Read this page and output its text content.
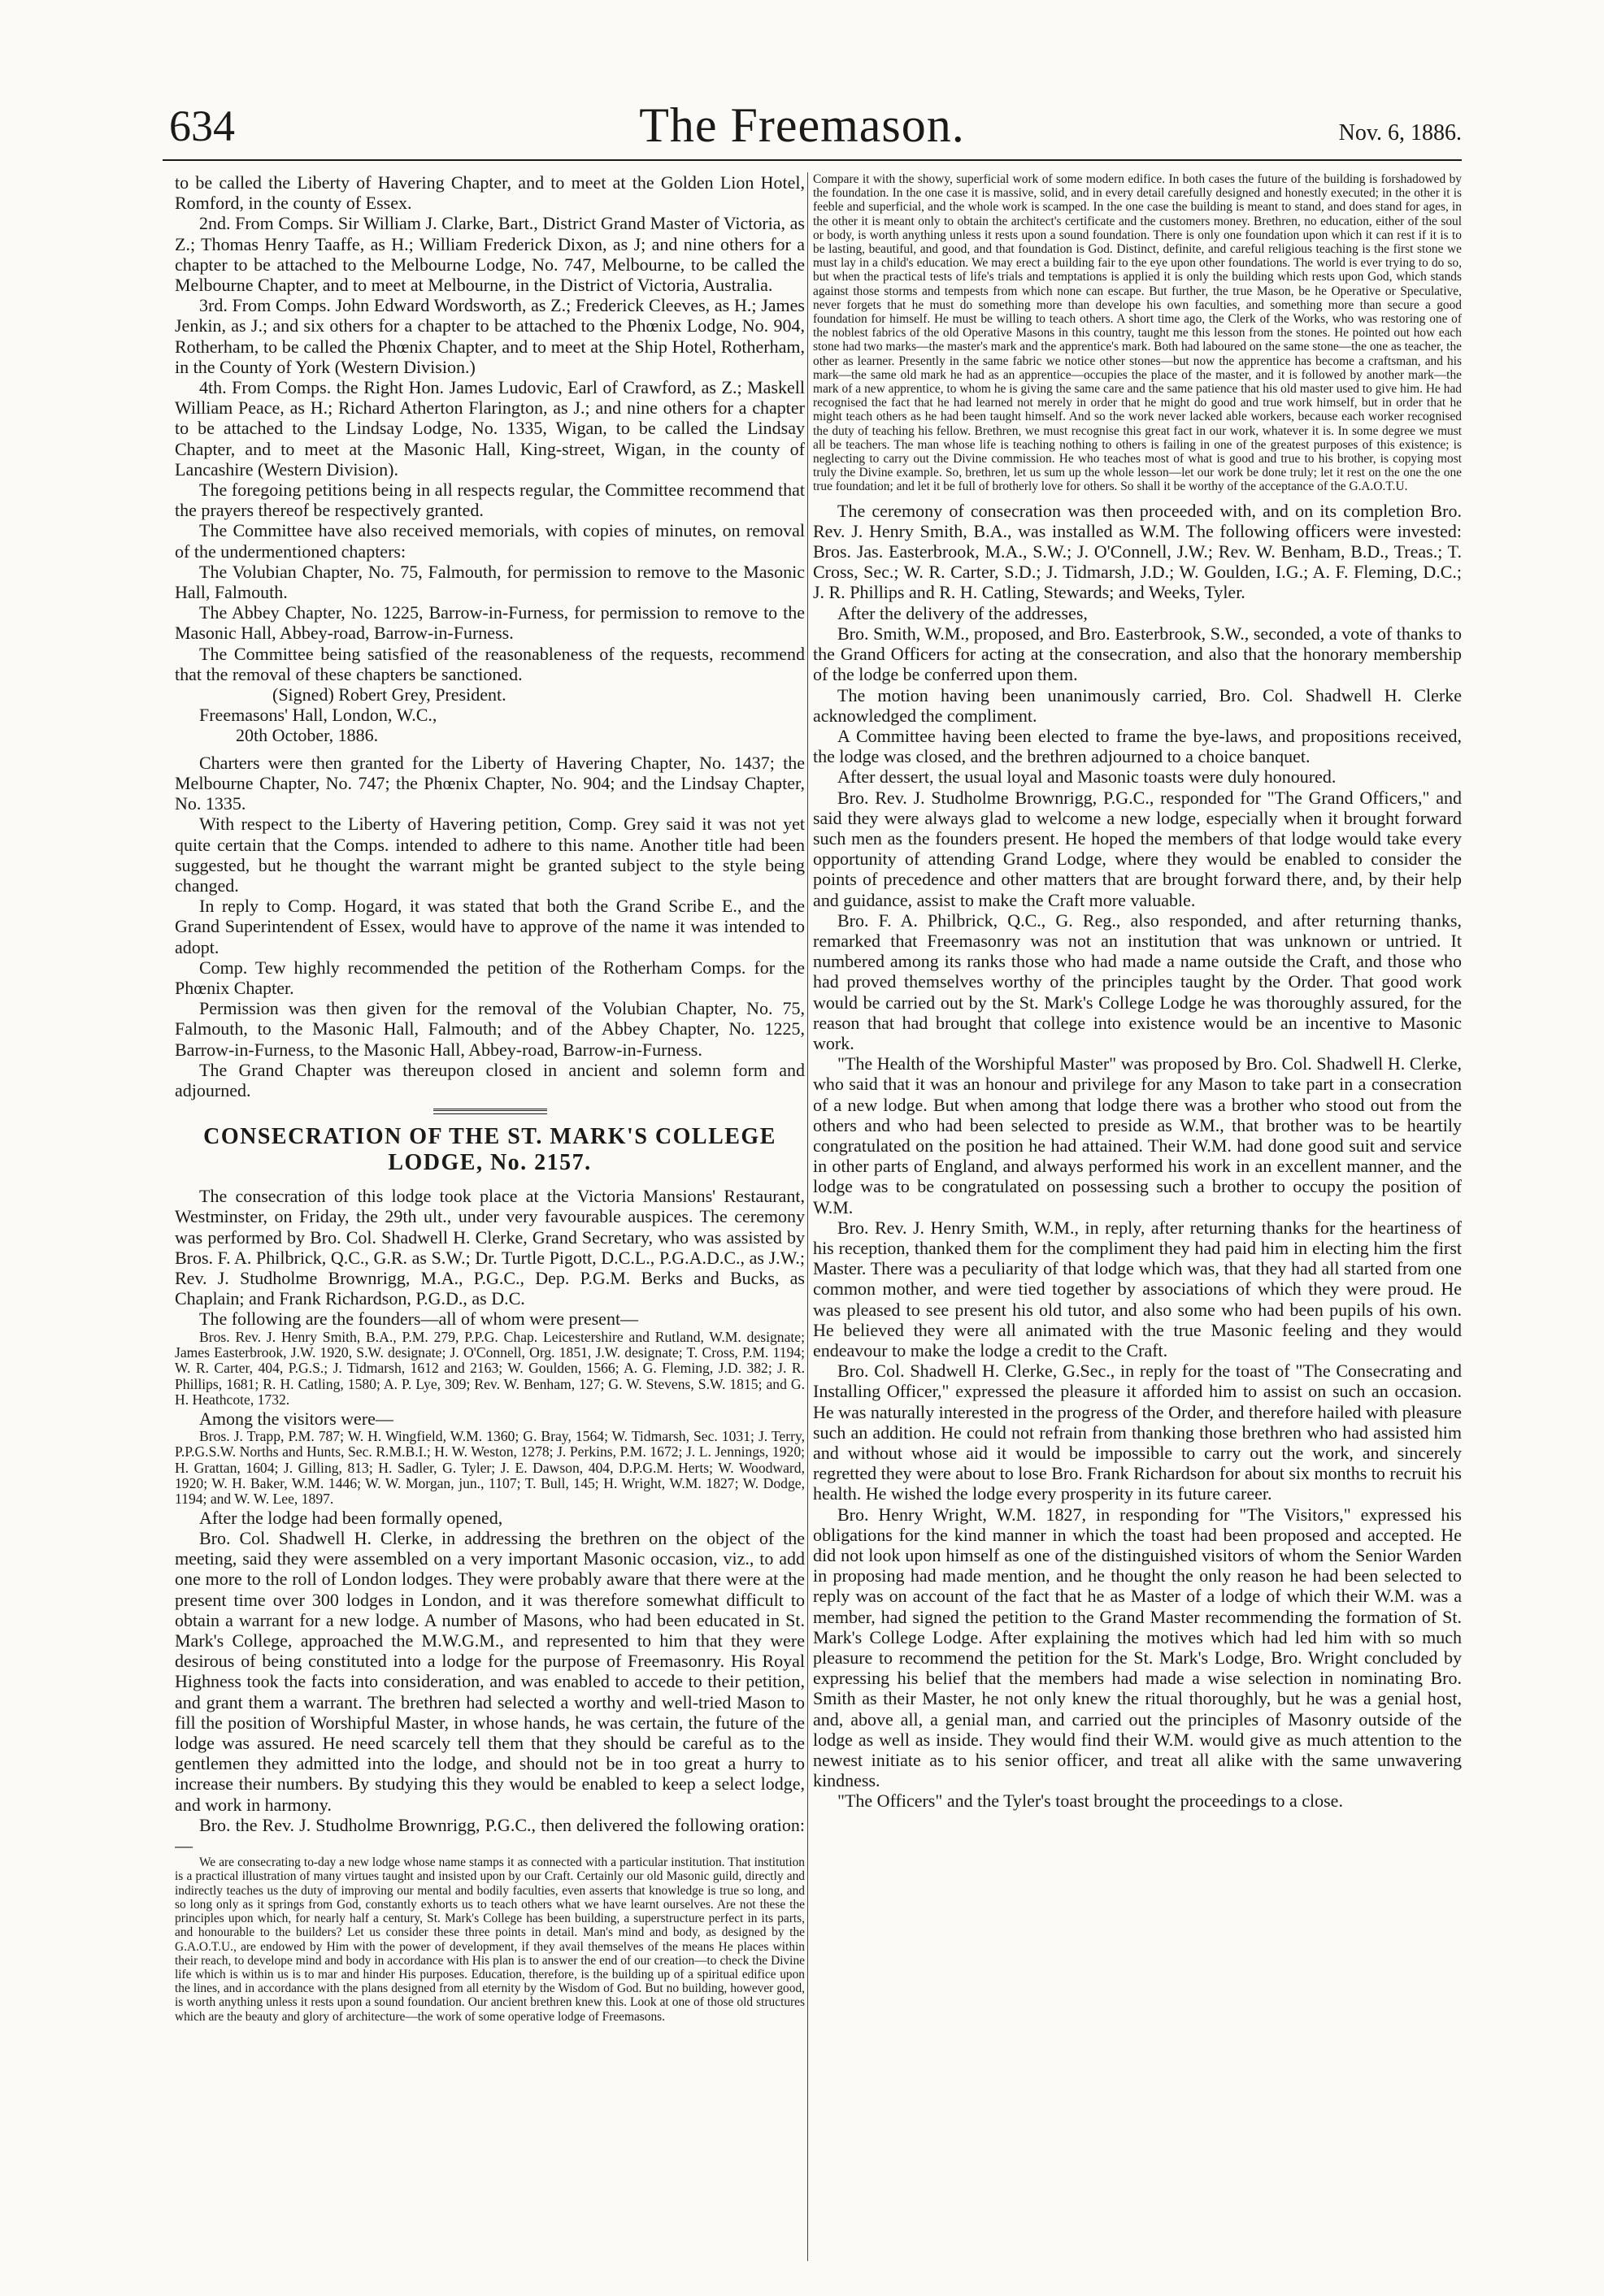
634	The Freemason.	Nov. 6, 1886.

to be called the Liberty of Havering Chapter, and to meet at the Golden Lion Hotel, Romford, in the county of Essex.

2nd. From Comps. Sir William J. Clarke, Bart., District Grand Master of Victoria, as Z.; Thomas Henry Taaffe, as H.; William Frederick Dixon, as J; and nine others for a chapter to be attached to the Melbourne Lodge, No. 747, Melbourne, to be called the Melbourne Chapter, and to meet at Melbourne, in the District of Victoria, Australia.

3rd. From Comps. John Edward Wordsworth, as Z.; Frederick Cleeves, as H.; James Jenkin, as J.; and six others for a chapter to be attached to the Phœnix Lodge, No. 904, Rotherham, to be called the Phœnix Chapter, and to meet at the Ship Hotel, Rotherham, in the County of York (Western Division.)

4th. From Comps. the Right Hon. James Ludovic, Earl of Crawford, as Z.; Maskell William Peace, as H.; Richard Atherton Flarington, as J.; and nine others for a chapter to be attached to the Lindsay Lodge, No. 1335, Wigan, to be called the Lindsay Chapter, and to meet at the Masonic Hall, King-street, Wigan, in the county of Lancashire (Western Division).

The foregoing petitions being in all respects regular, the Committee recommend that the prayers thereof be respectively granted.

The Committee have also received memorials, with copies of minutes, on removal of the undermentioned chapters:

The Volubian Chapter, No. 75, Falmouth, for permission to remove to the Masonic Hall, Falmouth.

The Abbey Chapter, No. 1225, Barrow-in-Furness, for permission to remove to the Masonic Hall, Abbey-road, Barrow-in-Furness.

The Committee being satisfied of the reasonableness of the requests, recommend that the removal of these chapters be sanctioned.

(Signed) Robert Grey, President.

Freemasons' Hall, London, W.C.,

20th October, 1886.

Charters were then granted for the Liberty of Havering Chapter, No. 1437; the Melbourne Chapter, No. 747; the Phœnix Chapter, No. 904; and the Lindsay Chapter, No. 1335.

With respect to the Liberty of Havering petition, Comp. Grey said it was not yet quite certain that the Comps. intended to adhere to this name. Another title had been suggested, but he thought the warrant might be granted subject to the style being changed.

In reply to Comp. Hogard, it was stated that both the Grand Scribe E., and the Grand Superintendent of Essex, would have to approve of the name it was intended to adopt.

Comp. Tew highly recommended the petition of the Rotherham Comps. for the Phœnix Chapter.

Permission was then given for the removal of the Volubian Chapter, No. 75, Falmouth, to the Masonic Hall, Falmouth; and of the Abbey Chapter, No. 1225, Barrow-in-Furness, to the Masonic Hall, Abbey-road, Barrow-in-Furness.

The Grand Chapter was thereupon closed in ancient and solemn form and adjourned.

CONSECRATION OF THE ST. MARK'S COLLEGE LODGE, No. 2157.

The consecration of this lodge took place at the Victoria Mansions' Restaurant, Westminster, on Friday, the 29th ult., under very favourable auspices. The ceremony was performed by Bro. Col. Shadwell H. Clerke, Grand Secretary, who was assisted by Bros. F. A. Philbrick, Q.C., G.R. as S.W.; Dr. Turtle Pigott, D.C.L., P.G.A.D.C., as J.W.; Rev. J. Studholme Brownrigg, M.A., P.G.C., Dep. P.G.M. Berks and Bucks, as Chaplain; and Frank Richardson, P.G.D., as D.C.

The following are the founders—all of whom were present—

Bros. Rev. J. Henry Smith, B.A., P.M. 279, P.P.G. Chap. Leicestershire and Rutland, W.M. designate; James Easterbrook, J.W. 1920, S.W. designate; J. O'Connell, Org. 1851, J.W. designate; T. Cross, P.M. 1194; W. R. Carter, 404, P.G.S.; J. Tidmarsh, 1612 and 2163; W. Goulden, 1566; A. G. Fleming, J.D. 382; J. R. Phillips, 1681; R. H. Catling, 1580; A. P. Lye, 309; Rev. W. Benham, 127; G. W. Stevens, S.W. 1815; and G. H. Heathcote, 1732.

Among the visitors were—

Bros. J. Trapp, P.M. 787; W. H. Wingfield, W.M. 1360; G. Bray, 1564; W. Tidmarsh, Sec. 1031; J. Terry, P.P.G.S.W. Norths and Hunts, Sec. R.M.B.I.; H. W. Weston, 1278; J. Perkins, P.M. 1672; J. L. Jennings, 1920; H. Grattan, 1604; J. Gilling, 813; H. Sadler, G. Tyler; J. E. Dawson, 404, D.P.G.M. Herts; W. Woodward, 1920; W. H. Baker, W.M. 1446; W. W. Morgan, jun., 1107; T. Bull, 145; H. Wright, W.M. 1827; W. Dodge, 1194; and W. W. Lee, 1897.

After the lodge had been formally opened,

Bro. Col. Shadwell H. Clerke, in addressing the brethren on the object of the meeting, said they were assembled on a very important Masonic occasion, viz., to add one more to the roll of London lodges. They were probably aware that there were at the present time over 300 lodges in London, and it was therefore somewhat difficult to obtain a warrant for a new lodge. A number of Masons, who had been educated in St. Mark's College, approached the M.W.G.M., and represented to him that they were desirous of being constituted into a lodge for the purpose of Freemasonry. His Royal Highness took the facts into consideration, and was enabled to accede to their petition, and grant them a warrant. The brethren had selected a worthy and well-tried Mason to fill the position of Worshipful Master, in whose hands, he was certain, the future of the lodge was assured. He need scarcely tell them that they should be careful as to the gentlemen they admitted into the lodge, and should not be in too great a hurry to increase their numbers. By studying this they would be enabled to keep a select lodge, and work in harmony.

Bro. the Rev. J. Studholme Brownrigg, P.G.C., then delivered the following oration:—

We are consecrating to-day a new lodge whose name stamps it as connected with a particular institution. That institution is a practical illustration of many virtues taught and insisted upon by our Craft. Certainly our old Masonic guild, directly and indirectly teaches us the duty of improving our mental and bodily faculties, even asserts that knowledge is true so long, and so long only as it springs from God, constantly exhorts us to teach others what we have learnt ourselves. Are not these the principles upon which, for nearly half a century, St. Mark's College has been building, a superstructure perfect in its parts, and honourable to the builders? Let us consider these three points in detail. Man's mind and body, as designed by the G.A.O.T.U., are endowed by Him with the power of development, if they avail themselves of the means He places within their reach, to develope mind and body in accordance with His plan is to answer the end of our creation—to check the Divine life which is within us is to mar and hinder His purposes. Education, therefore, is the building up of a spiritual edifice upon the lines, and in accordance with the plans designed from all eternity by the Wisdom of God. But no building, however good, is worth anything unless it rests upon a sound foundation. Our ancient brethren knew this. Look at one of those old structures which are the beauty and glory of architecture—the work of some operative lodge of Freemasons.

Compare it with the showy, superficial work of some modern edifice. In both cases the future of the building is forshadowed by the foundation. In the one case it is massive, solid, and in every detail carefully designed and honestly executed; in the other it is feeble and superficial, and the whole work is scamped. In the one case the building is meant to stand, and does stand for ages, in the other it is meant only to obtain the architect's certificate and the customers money. Brethren, no education, either of the soul or body, is worth anything unless it rests upon a sound foundation. There is only one foundation upon which it can rest if it is to be lasting, beautiful, and good, and that foundation is God. Distinct, definite, and careful religious teaching is the first stone we must lay in a child's education. We may erect a building fair to the eye upon other foundations. The world is ever trying to do so, but when the practical tests of life's trials and temptations is applied it is only the building which rests upon God, which stands against those storms and tempests from which none can escape. But further, the true Mason, be he Operative or Speculative, never forgets that he must do something more than develope his own faculties, and something more than secure a good foundation for himself. He must be willing to teach others. A short time ago, the Clerk of the Works, who was restoring one of the noblest fabrics of the old Operative Masons in this country, taught me this lesson from the stones. He pointed out how each stone had two marks—the master's mark and the apprentice's mark. Both had laboured on the same stone—the one as teacher, the other as learner. Presently in the same fabric we notice other stones—but now the apprentice has become a craftsman, and his mark—the same old mark he had as an apprentice—occupies the place of the master, and it is followed by another mark—the mark of a new apprentice, to whom he is giving the same care and the same patience that his old master used to give him. He had recognised the fact that he had learned not merely in order that he might do good and true work himself, but in order that he might teach others as he had been taught himself. And so the work never lacked able workers, because each worker recognised the duty of teaching his fellow. Brethren, we must recognise this great fact in our work, whatever it is. In some degree we must all be teachers. The man whose life is teaching nothing to others is failing in one of the greatest purposes of this existence; is neglecting to carry out the Divine commission. He who teaches most of what is good and true to his brother, is copying most truly the Divine example. So, brethren, let us sum up the whole lesson—let our work be done truly; let it rest on the one the one true foundation; and let it be full of brotherly love for others. So shall it be worthy of the acceptance of the G.A.O.T.U.

The ceremony of consecration was then proceeded with, and on its completion Bro. Rev. J. Henry Smith, B.A., was installed as W.M. The following officers were invested: Bros. Jas. Easterbrook, M.A., S.W.; J. O'Connell, J.W.; Rev. W. Benham, B.D., Treas.; T. Cross, Sec.; W. R. Carter, S.D.; J. Tidmarsh, J.D.; W. Goulden, I.G.; A. F. Fleming, D.C.; J. R. Phillips and R. H. Catling, Stewards; and Weeks, Tyler.

After the delivery of the addresses,

Bro. Smith, W.M., proposed, and Bro. Easterbrook, S.W., seconded, a vote of thanks to the Grand Officers for acting at the consecration, and also that the honorary membership of the lodge be conferred upon them.

The motion having been unanimously carried, Bro. Col. Shadwell H. Clerke acknowledged the compliment.

A Committee having been elected to frame the bye-laws, and propositions received, the lodge was closed, and the brethren adjourned to a choice banquet.

After dessert, the usual loyal and Masonic toasts were duly honoured.

Bro. Rev. J. Studholme Brownrigg, P.G.C., responded for "The Grand Officers," and said they were always glad to welcome a new lodge, especially when it brought forward such men as the founders present. He hoped the members of that lodge would take every opportunity of attending Grand Lodge, where they would be enabled to consider the points of precedence and other matters that are brought forward there, and, by their help and guidance, assist to make the Craft more valuable.

Bro. F. A. Philbrick, Q.C., G. Reg., also responded, and after returning thanks, remarked that Freemasonry was not an institution that was unknown or untried. It numbered among its ranks those who had made a name outside the Craft, and those who had proved themselves worthy of the principles taught by the Order. That good work would be carried out by the St. Mark's College Lodge he was thoroughly assured, for the reason that had brought that college into existence would be an incentive to Masonic work.

"The Health of the Worshipful Master" was proposed by Bro. Col. Shadwell H. Clerke, who said that it was an honour and privilege for any Mason to take part in a consecration of a new lodge. But when among that lodge there was a brother who stood out from the others and who had been selected to preside as W.M., that brother was to be heartily congratulated on the position he had attained. Their W.M. had done good suit and service in other parts of England, and always performed his work in an excellent manner, and the lodge was to be congratulated on possessing such a brother to occupy the position of W.M.

Bro. Rev. J. Henry Smith, W.M., in reply, after returning thanks for the heartiness of his reception, thanked them for the compliment they had paid him in electing him the first Master. There was a peculiarity of that lodge which was, that they had all started from one common mother, and were tied together by associations of which they were proud. He was pleased to see present his old tutor, and also some who had been pupils of his own. He believed they were all animated with the true Masonic feeling and they would endeavour to make the lodge a credit to the Craft.

Bro. Col. Shadwell H. Clerke, G.Sec., in reply for the toast of "The Consecrating and Installing Officer," expressed the pleasure it afforded him to assist on such an occasion. He was naturally interested in the progress of the Order, and therefore hailed with pleasure such an addition. He could not refrain from thanking those brethren who had assisted him and without whose aid it would be impossible to carry out the work, and sincerely regretted they were about to lose Bro. Frank Richardson for about six months to recruit his health. He wished the lodge every prosperity in its future career.

Bro. Henry Wright, W.M. 1827, in responding for "The Visitors," expressed his obligations for the kind manner in which the toast had been proposed and accepted. He did not look upon himself as one of the distinguished visitors of whom the Senior Warden in proposing had made mention, and he thought the only reason he had been selected to reply was on account of the fact that he as Master of a lodge of which their W.M. was a member, had signed the petition to the Grand Master recommending the formation of St. Mark's College Lodge. After explaining the motives which had led him with so much pleasure to recommend the petition for the St. Mark's Lodge, Bro. Wright concluded by expressing his belief that the members had made a wise selection in nominating Bro. Smith as their Master, he not only knew the ritual thoroughly, but he was a genial host, and, above all, a genial man, and carried out the principles of Masonry outside of the lodge as well as inside. They would find their W.M. would give as much attention to the newest initiate as to his senior officer, and treat all alike with the same unwavering kindness.

"The Officers" and the Tyler's toast brought the proceedings to a close.
